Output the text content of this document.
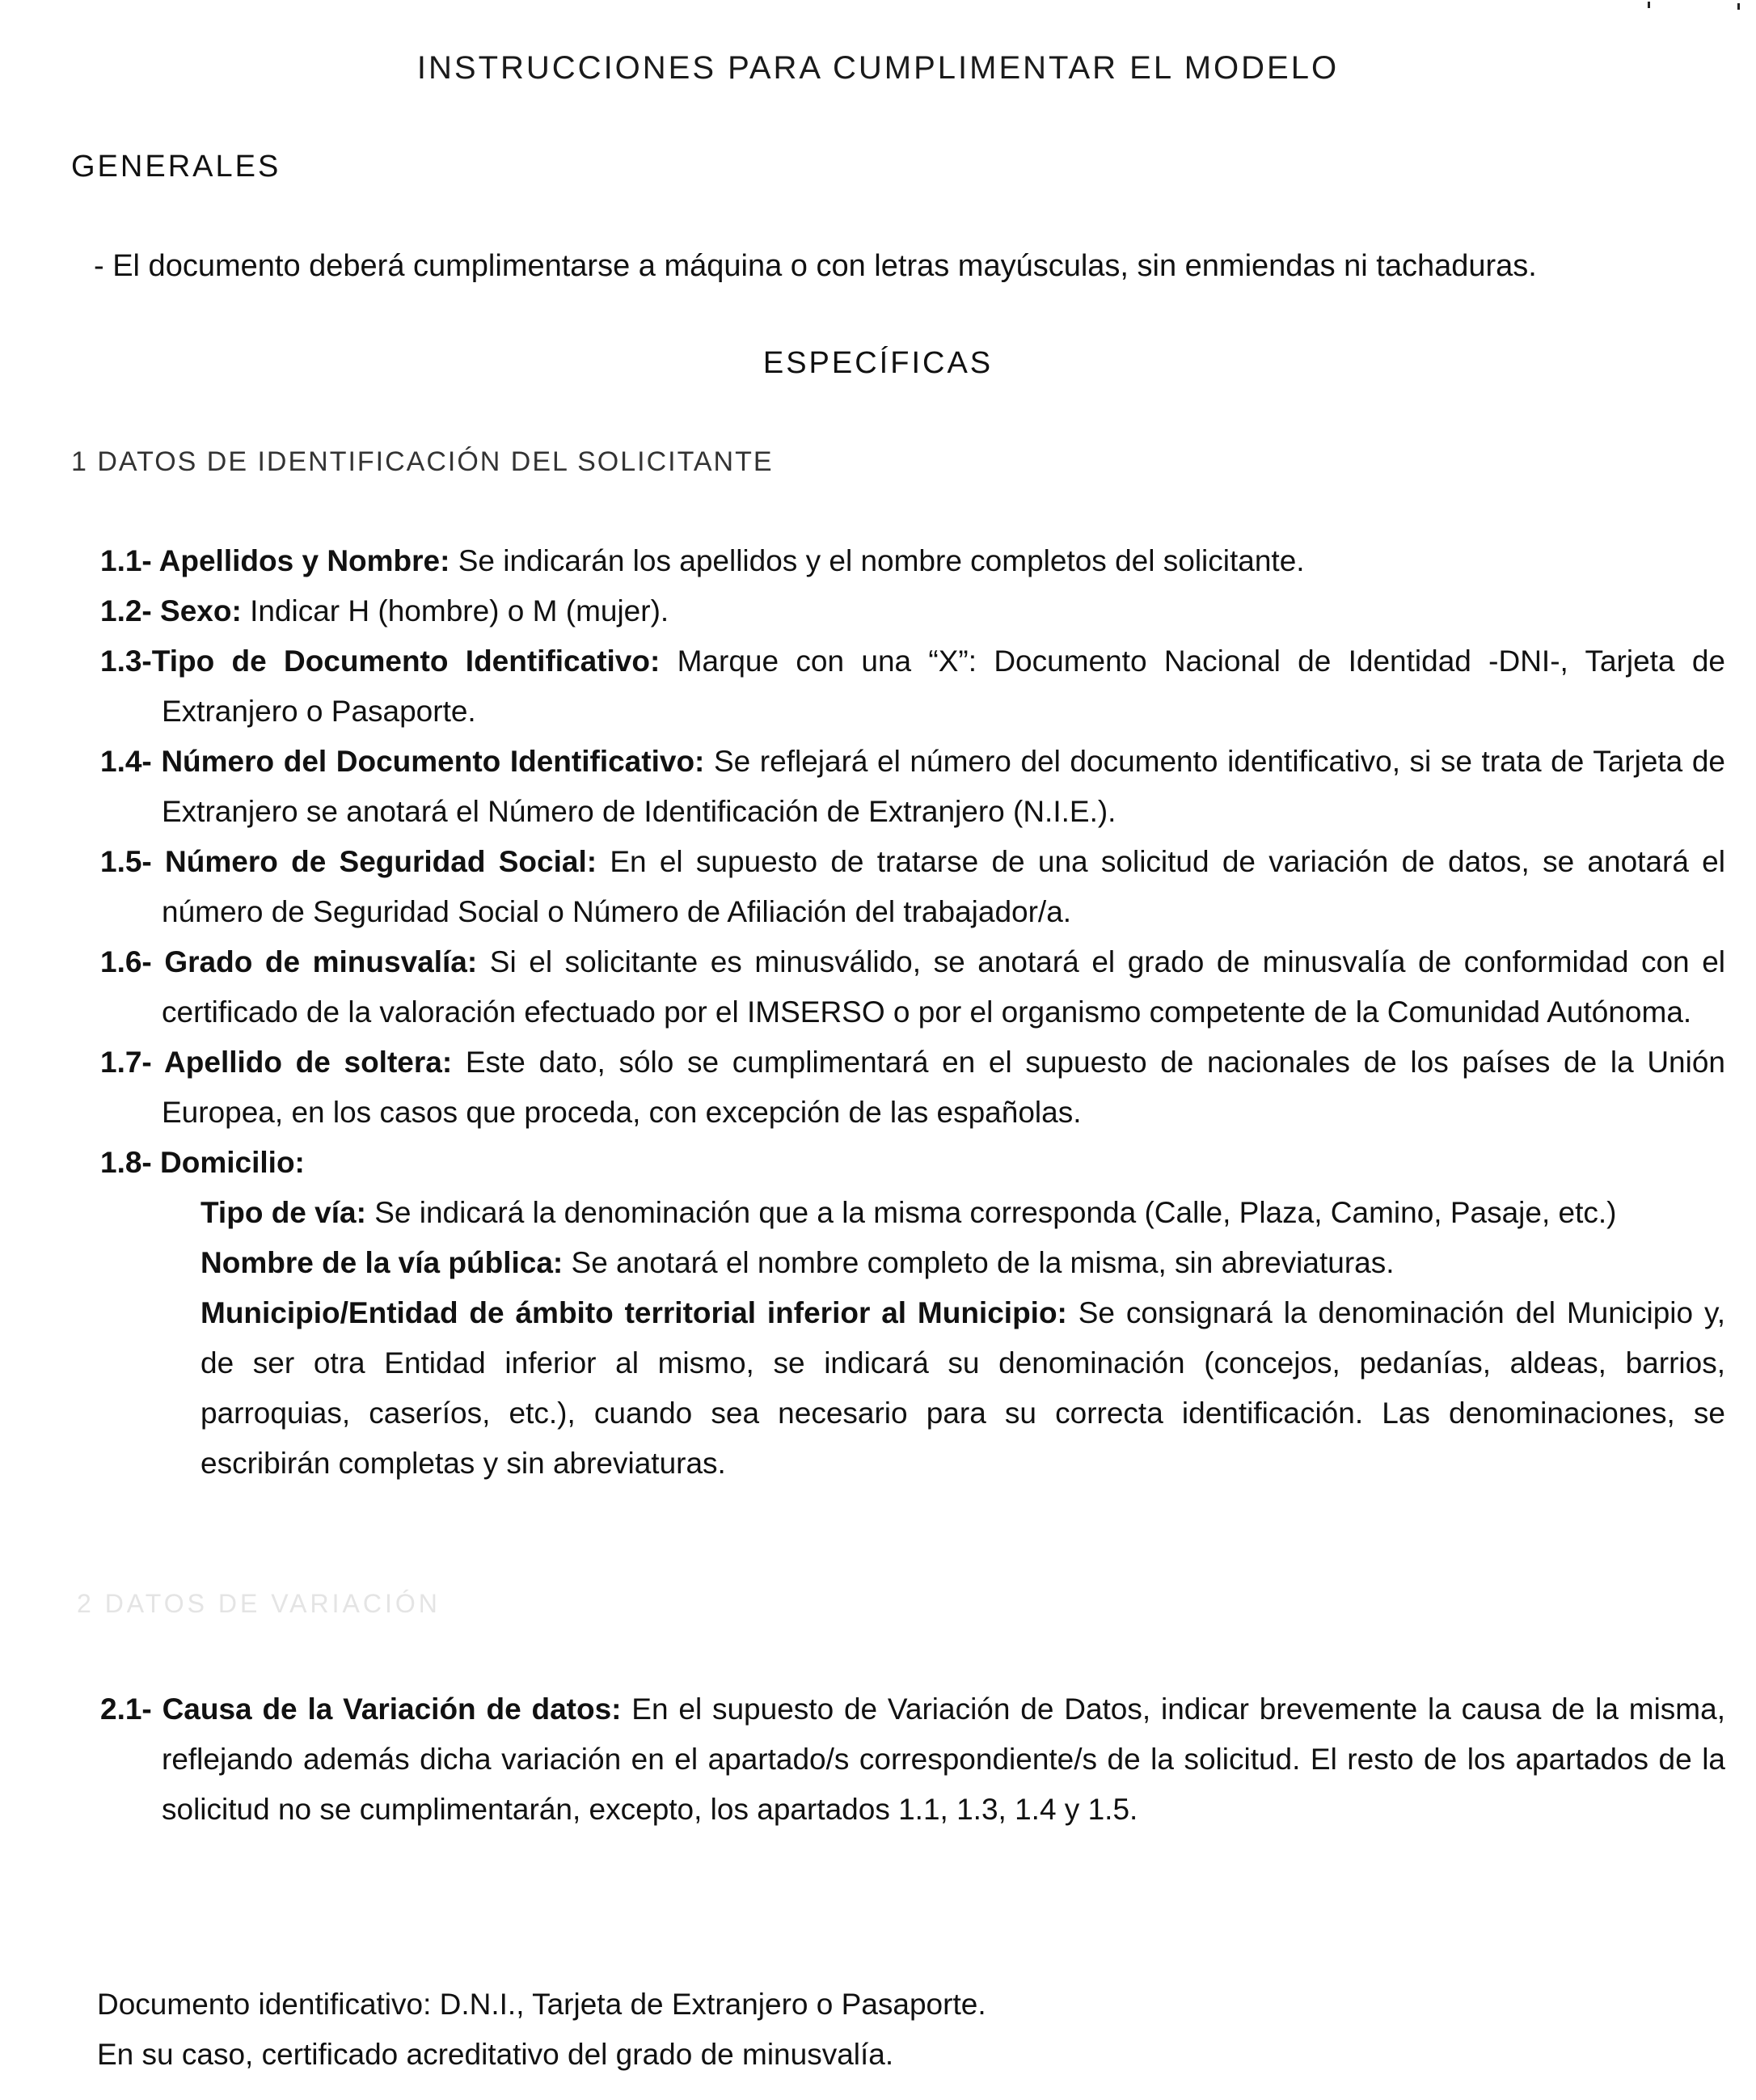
INSTRUCCIONES PARA CUMPLIMENTAR EL MODELO
GENERALES
- El documento deberá cumplimentarse a máquina o con letras mayúsculas, sin enmiendas ni tachaduras.
ESPECÍFICAS
1 DATOS DE IDENTIFICACIÓN DEL SOLICITANTE
1.1- Apellidos y Nombre: Se indicarán los apellidos y el nombre completos del solicitante.
1.2- Sexo: Indicar H (hombre) o M (mujer).
1.3-Tipo de Documento Identificativo: Marque con una “X”: Documento Nacional de Identidad -DNI-, Tarjeta de Extranjero o Pasaporte.
1.4- Número del Documento Identificativo: Se reflejará el número del documento identificativo, si se trata de Tarjeta de Extranjero se anotará el Número de Identificación de Extranjero (N.I.E.).
1.5- Número de Seguridad Social: En el supuesto de tratarse de una solicitud de variación de datos, se anotará el número de Seguridad Social o Número de Afiliación del trabajador/a.
1.6- Grado de minusvalía: Si el solicitante es minusválido, se anotará el grado de minusvalía de conformidad con el certificado de la valoración efectuado por el IMSERSO o por el organismo competente de la Comunidad Autónoma.
1.7- Apellido de soltera: Este dato, sólo se cumplimentará en el supuesto de nacionales de los países de la Unión Europea, en los casos que proceda, con excepción de las españolas.
1.8- Domicilio:
Tipo de vía: Se indicará la denominación que a la misma corresponda (Calle, Plaza, Camino, Pasaje, etc.)
Nombre de la vía pública: Se anotará el nombre completo de la misma, sin abreviaturas.
Municipio/Entidad de ámbito territorial inferior al Municipio: Se consignará la denominación del Municipio y, de ser otra Entidad inferior al mismo, se indicará su denominación (concejos, pedanías, aldeas, barrios, parroquias, caseríos, etc.), cuando sea necesario para su correcta identificación. Las denominaciones, se escribirán completas y sin abreviaturas.
2 DATOS DE VARIACIÓN
2.1- Causa de la Variación de datos: En el supuesto de Variación de Datos, indicar brevemente la causa de la misma, reflejando además dicha variación en el apartado/s correspondiente/s de la solicitud. El resto de los apartados de la solicitud no se cumplimentarán, excepto, los apartados 1.1, 1.3, 1.4 y 1.5.
Documento identificativo: D.N.I., Tarjeta de Extranjero o Pasaporte.
En su caso, certificado acreditativo del grado de minusvalía.
